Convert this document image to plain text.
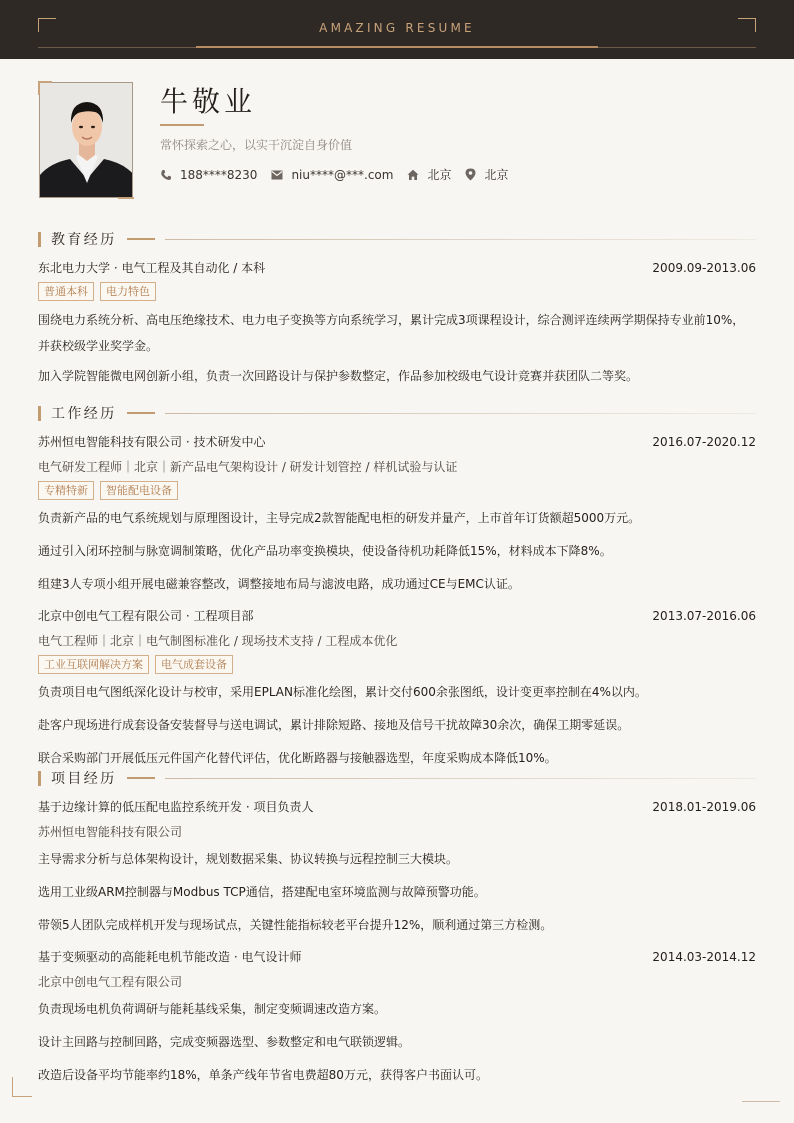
AMAZING RESUME
牛敬业
常怀探索之心，以实干沉淀自身价值
188****8230	niu****@***.com	北京	北京
教育经历
东北电力大学 · 电气工程及其自动化 / 本科	2009.09-2013.06
普通本科	电力特色
围绕电力系统分析、高电压绝缘技术、电力电子变换等方向系统学习，累计完成3项课程设计，综合测评连续两学期保持专业前10%，并获校级学业奖学金。
加入学院智能微电网创新小组，负责一次回路设计与保护参数整定，作品参加校级电气设计竞赛并获团队二等奖。
工作经历
苏州恒电智能科技有限公司 · 技术研发中心	2016.07-2020.12
电气研发工程师｜北京｜新产品电气架构设计 / 研发计划管控 / 样机试验与认证
专精特新	智能配电设备
负责新产品的电气系统规划与原理图设计，主导完成2款智能配电柜的研发并量产，上市首年订货额超5000万元。
通过引入闭环控制与脉宽调制策略，优化产品功率变换模块，使设备待机功耗降低15%，材料成本下降8%。
组建3人专项小组开展电磁兼容整改，调整接地布局与滤波电路，成功通过CE与EMC认证。
北京中创电气工程有限公司 · 工程项目部	2013.07-2016.06
电气工程师｜北京｜电气制图标准化 / 现场技术支持 / 工程成本优化
工业互联网解决方案	电气成套设备
负责项目电气图纸深化设计与校审，采用EPLAN标准化绘图，累计交付600余张图纸，设计变更率控制在4%以内。
赴客户现场进行成套设备安装督导与送电调试，累计排除短路、接地及信号干扰故障30余次，确保工期零延误。
联合采购部门开展低压元件国产化替代评估，优化断路器与接触器选型，年度采购成本降低10%。
项目经历
基于边缘计算的低压配电监控系统开发 · 项目负责人	2018.01-2019.06
苏州恒电智能科技有限公司
主导需求分析与总体架构设计，规划数据采集、协议转换与远程控制三大模块。
选用工业级ARM控制器与Modbus TCP通信，搭建配电室环境监测与故障预警功能。
带领5人团队完成样机开发与现场试点，关键性能指标较老平台提升12%，顺利通过第三方检测。
基于变频驱动的高能耗电机节能改造 · 电气设计师	2014.03-2014.12
北京中创电气工程有限公司
负责现场电机负荷调研与能耗基线采集，制定变频调速改造方案。
设计主回路与控制回路，完成变频器选型、参数整定和电气联锁逻辑。
改造后设备平均节能率约18%，单条产线年节省电费超80万元，获得客户书面认可。
